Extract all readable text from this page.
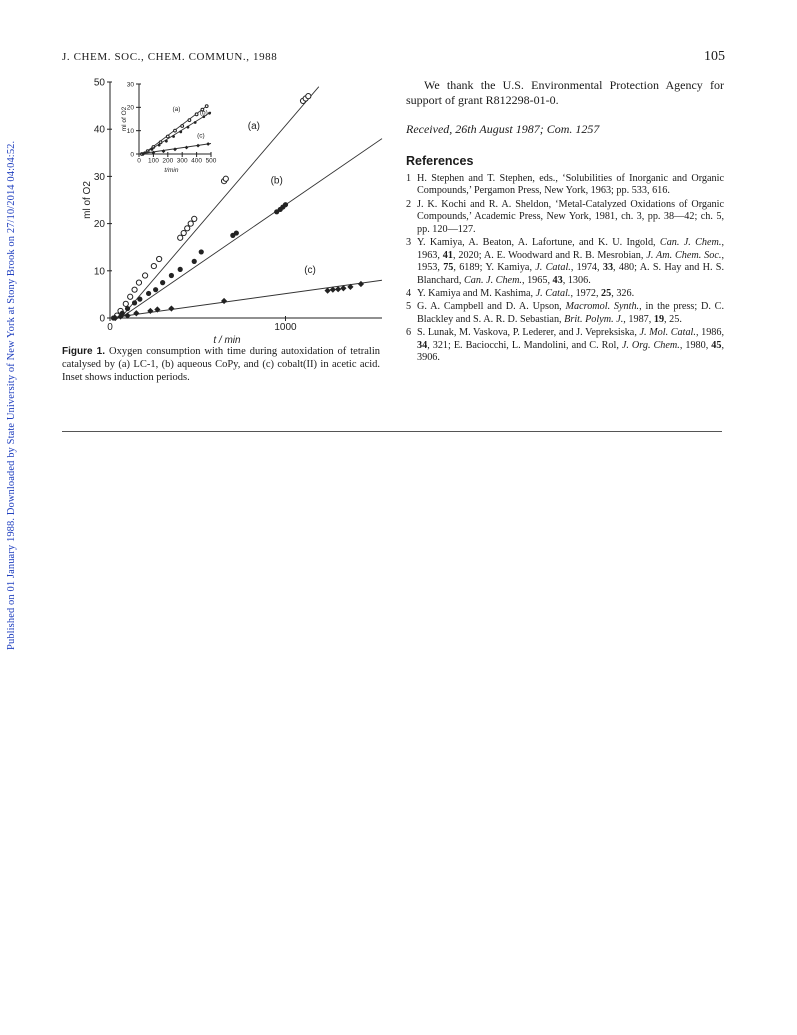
Published on 01 January 1988. Downloaded by State University of New York at Stony Brook on 27/10/2014 04:04:52.
J. CHEM. SOC., CHEM. COMMUN., 1988	105
0
10
20
30
40
50
0	1000
t / min
ml of O2
(a)
(b)
(c)
0
10
20
30
0 100 200 300 400 500
t/min
ml of O2	(a)	(b)
(c)
Figure 1. Oxygen consumption with time during autoxidation of tetralin catalysed by (a) LC-1, (b) aqueous CoPy, and (c) cobalt(II) in acetic acid. Inset shows induction periods.

We thank the U.S. Environmental Protection Agency for support of grant R812298-01-0.

Received, 26th August 1987; Com. 1257

References
1 H. Stephen and T. Stephen, eds., ‘Solubilities of Inorganic and Organic Compounds,’ Pergamon Press, New York, 1963; pp. 533, 616.
2 J. K. Kochi and R. A. Sheldon, ‘Metal-Catalyzed Oxidations of Organic Compounds,’ Academic Press, New York, 1981, ch. 3, pp. 38—42; ch. 5, pp. 120—127.
3 Y. Kamiya, A. Beaton, A. Lafortune, and K. U. Ingold, Can. J. Chem., 1963, 41, 2020; A. E. Woodward and R. B. Mesrobian, J. Am. Chem. Soc., 1953, 75, 6189; Y. Kamiya, J. Catal., 1974, 33, 480; A. S. Hay and H. S. Blanchard, Can. J. Chem., 1965, 43, 1306.
4 Y. Kamiya and M. Kashima, J. Catal., 1972, 25, 326.
5 G. A. Campbell and D. A. Upson, Macromol. Synth., in the press; D. C. Blackley and S. A. R. D. Sebastian, Brit. Polym. J., 1987, 19, 25.
6 S. Lunak, M. Vaskova, P. Lederer, and J. Vepreksiska, J. Mol. Catal., 1986, 34, 321; E. Baciocchi, L. Mandolini, and C. Rol, J. Org. Chem., 1980, 45, 3906.
